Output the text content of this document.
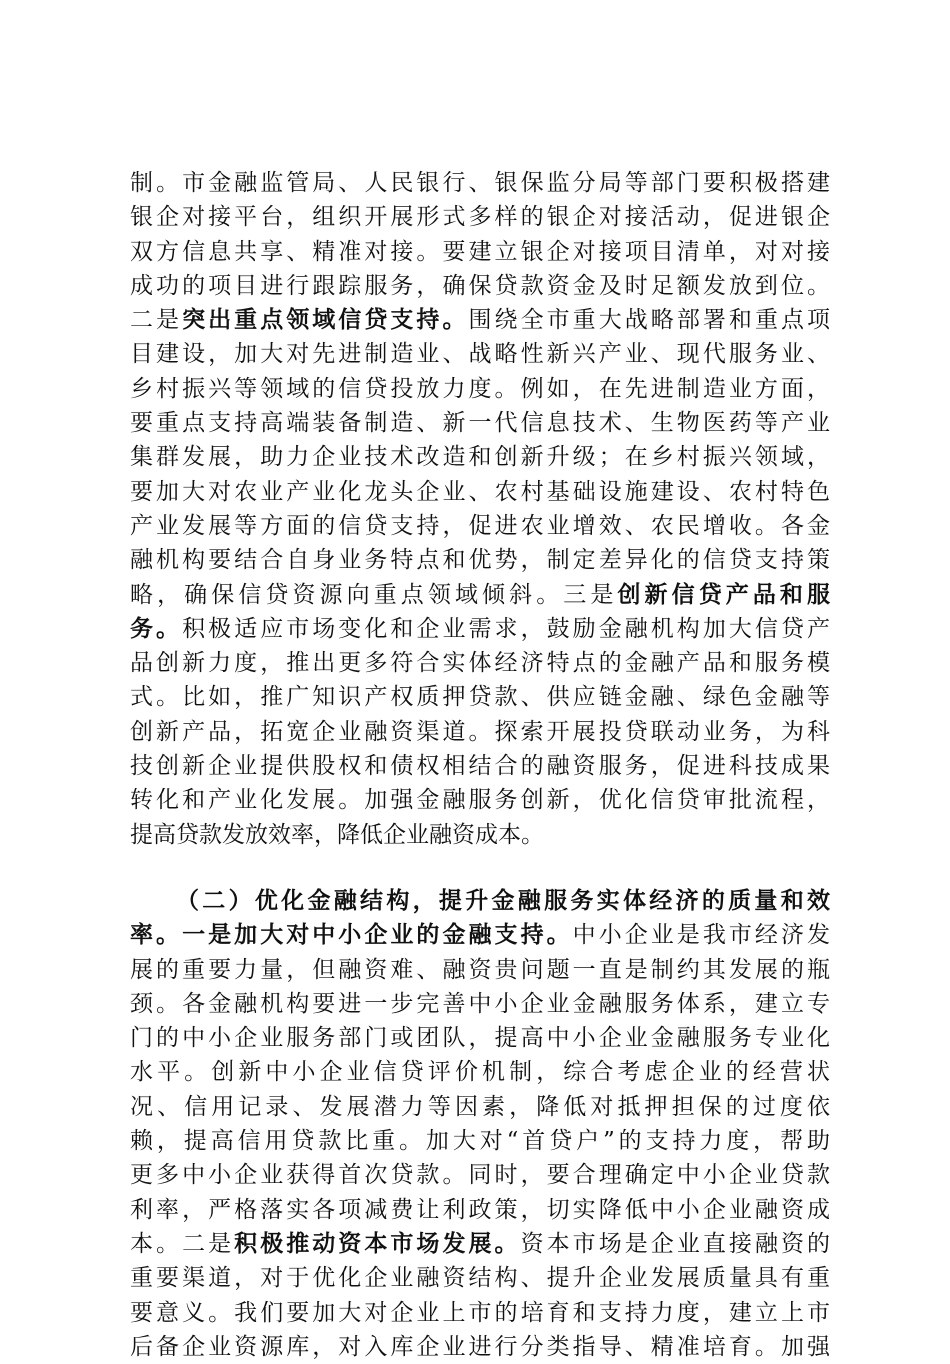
制。市金融监管局、人民银行、银保监分局等部门要积极搭建
银企对接平台，组织开展形式多样的银企对接活动，促进银企
双方信息共享、精准对接。要建立银企对接项目清单，对对接
成功的项目进行跟踪服务，确保贷款资金及时足额发放到位。
二是突出重点领域信贷支持。围绕全市重大战略部署和重点项
目建设，加大对先进制造业、战略性新兴产业、现代服务业、
乡村振兴等领域的信贷投放力度。例如，在先进制造业方面，
要重点支持高端装备制造、新一代信息技术、生物医药等产业
集群发展，助力企业技术改造和创新升级；在乡村振兴领域，
要加大对农业产业化龙头企业、农村基础设施建设、农村特色
产业发展等方面的信贷支持，促进农业增效、农民增收。各金
融机构要结合自身业务特点和优势，制定差异化的信贷支持策
略，确保信贷资源向重点领域倾斜。三是创新信贷产品和服
务。积极适应市场变化和企业需求，鼓励金融机构加大信贷产
品创新力度，推出更多符合实体经济特点的金融产品和服务模
式。比如，推广知识产权质押贷款、供应链金融、绿色金融等
创新产品，拓宽企业融资渠道。探索开展投贷联动业务，为科
技创新企业提供股权和债权相结合的融资服务，促进科技成果
转化和产业化发展。加强金融服务创新，优化信贷审批流程，
提高贷款发放效率，降低企业融资成本。
（二）优化金融结构，提升金融服务实体经济的质量和效
率。一是加大对中小企业的金融支持。中小企业是我市经济发
展的重要力量，但融资难、融资贵问题一直是制约其发展的瓶
颈。各金融机构要进一步完善中小企业金融服务体系，建立专
门的中小企业服务部门或团队，提高中小企业金融服务专业化
水平。创新中小企业信贷评价机制，综合考虑企业的经营状
况、信用记录、发展潜力等因素，降低对抵押担保的过度依
赖，提高信用贷款比重。加大对“首贷户”的支持力度，帮助
更多中小企业获得首次贷款。同时，要合理确定中小企业贷款
利率，严格落实各项减费让利政策，切实降低中小企业融资成
本。二是积极推动资本市场发展。资本市场是企业直接融资的
重要渠道，对于优化企业融资结构、提升企业发展质量具有重
要意义。我们要加大对企业上市的培育和支持力度，建立上市
后备企业资源库，对入库企业进行分类指导、精准培育。加强
